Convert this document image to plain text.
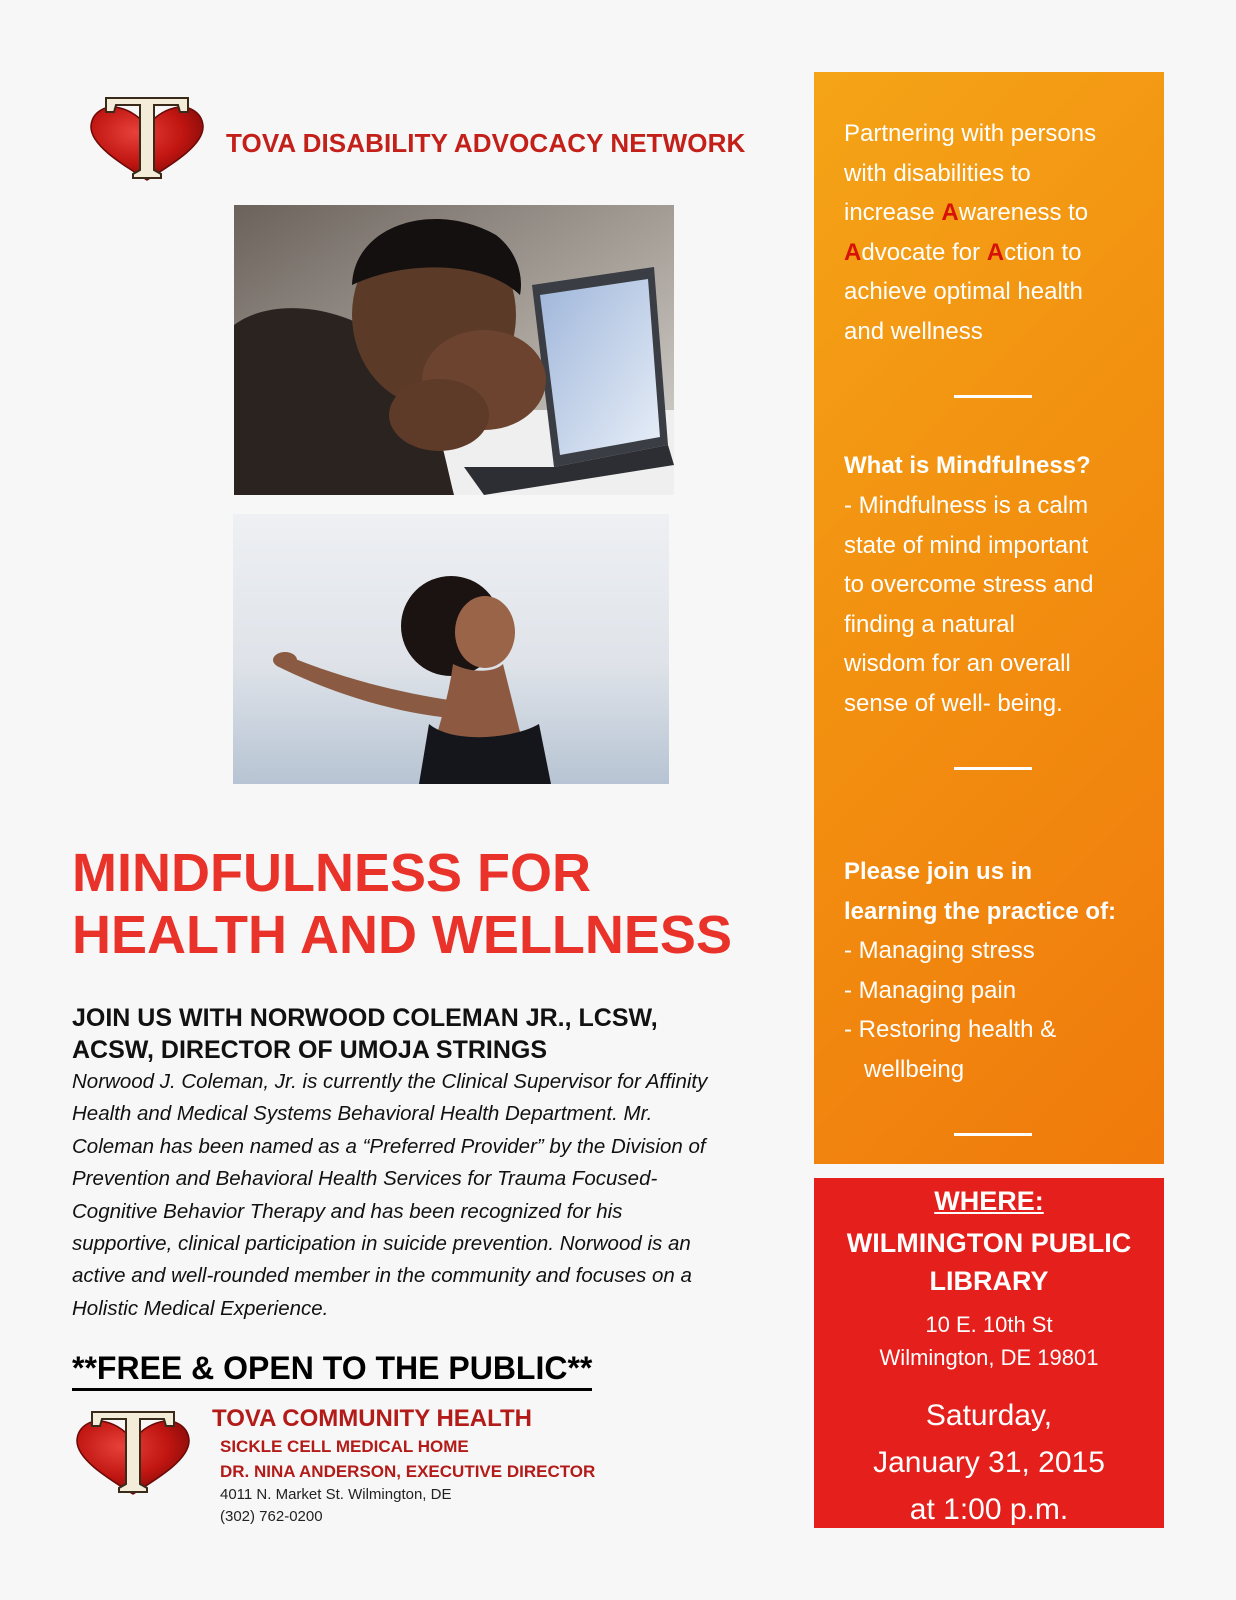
TOVA DISABILITY ADVOCACY NETWORK
MINDFULNESS FOR
HEALTH AND WELLNESS
JOIN US WITH NORWOOD COLEMAN JR., LCSW,
ACSW, DIRECTOR OF UMOJA STRINGS
Norwood J. Coleman, Jr. is currently the Clinical Supervisor for Affinity
Health and Medical Systems Behavioral Health Department. Mr.
Coleman has been named as a “Preferred Provider” by the Division of
Prevention and Behavioral Health Services for Trauma Focused-
Cognitive Behavior Therapy and has been recognized for his
supportive, clinical participation in suicide prevention. Norwood is an
active and well-rounded member in the community and focuses on a
Holistic Medical Experience.
**FREE & OPEN TO THE PUBLIC**
TOVA COMMUNITY HEALTH
SICKLE CELL MEDICAL HOME
DR. NINA ANDERSON, EXECUTIVE DIRECTOR
4011 N. Market St. Wilmington, DE
(302) 762-0200
Partnering with persons
with disabilities to
increase Awareness to
Advocate for Action to
achieve optimal health
and wellness
What is Mindfulness?
- Mindfulness is a calm
state of mind important
to overcome stress and
finding a natural
wisdom for an overall
sense of well- being.
Please join us in
learning the practice of:
- Managing stress
- Managing pain
- Restoring health &
wellbeing
WHERE:
WILMINGTON PUBLIC
LIBRARY
10 E. 10th St
Wilmington, DE 19801
Saturday,
January 31, 2015
at 1:00 p.m.
